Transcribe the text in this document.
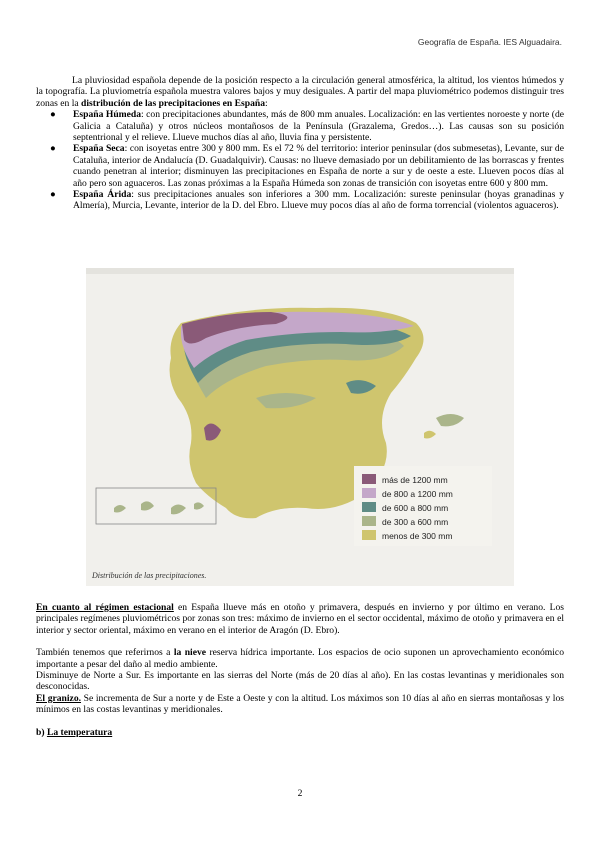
Geografía de España. IES Alguadaira.

La pluviosidad española depende de la posición respecto a la circulación general atmosférica, la altitud, los vientos húmedos y la topografía. La pluviometría española muestra valores bajos y muy desiguales. A partir del mapa pluviométrico podemos distinguir tres zonas en la distribución de las precipitaciones en España:

● España Húmeda: con precipitaciones abundantes, más de 800 mm anuales. Localización: en las vertientes noroeste y norte (de Galicia a Cataluña) y otros núcleos montañosos de la Península (Grazalema, Gredos…). Las causas son su posición septentrional y el relieve. Llueve muchos días al año, lluvia fina y persistente.
● España Seca: con isoyetas entre 300 y 800 mm. Es el 72 % del territorio: interior peninsular (dos submesetas), Levante, sur de Cataluña, interior de Andalucía (D. Guadalquivir). Causas: no llueve demasiado por un debilitamiento de las borrascas y frentes cuando penetran al interior; disminuyen las precipitaciones en España de norte a sur y de oeste a este. Llueven pocos días al año pero son aguaceros. Las zonas próximas a la España Húmeda son zonas de transición con isoyetas entre 600 y 800 mm.
● España Árida: sus precipitaciones anuales son inferiores a 300 mm. Localización: sureste peninsular (hoyas granadinas y Almería), Murcia, Levante, interior de la D. del Ebro. Llueve muy pocos días al año de forma torrencial (violentos aguaceros).
más de 1200 mm
de 800 a 1200 mm
de 600 a 800 mm
de 300 a 600 mm
menos de 300 mm
Distribución de las precipitaciones.

En cuanto al régimen estacional en España llueve más en otoño y primavera, después en invierno y por último en verano. Los principales regímenes pluviométricos por zonas son tres: máximo de invierno en el sector occidental, máximo de otoño y primavera en el interior y sector oriental, máximo en verano en el interior de Aragón (D. Ebro).

También tenemos que referirnos a la nieve reserva hídrica importante. Los espacios de ocio suponen un aprovechamiento económico importante a pesar del daño al medio ambiente.

Disminuye de Norte a Sur. Es importante en las sierras del Norte (más de 20 días al año). En las costas levantinas y meridionales son desconocidas.

El granizo. Se incrementa de Sur a norte y de Este a Oeste y con la altitud. Los máximos son 10 días al año en sierras montañosas y los mínimos en las costas levantinas y meridionales.

b) La temperatura

2
